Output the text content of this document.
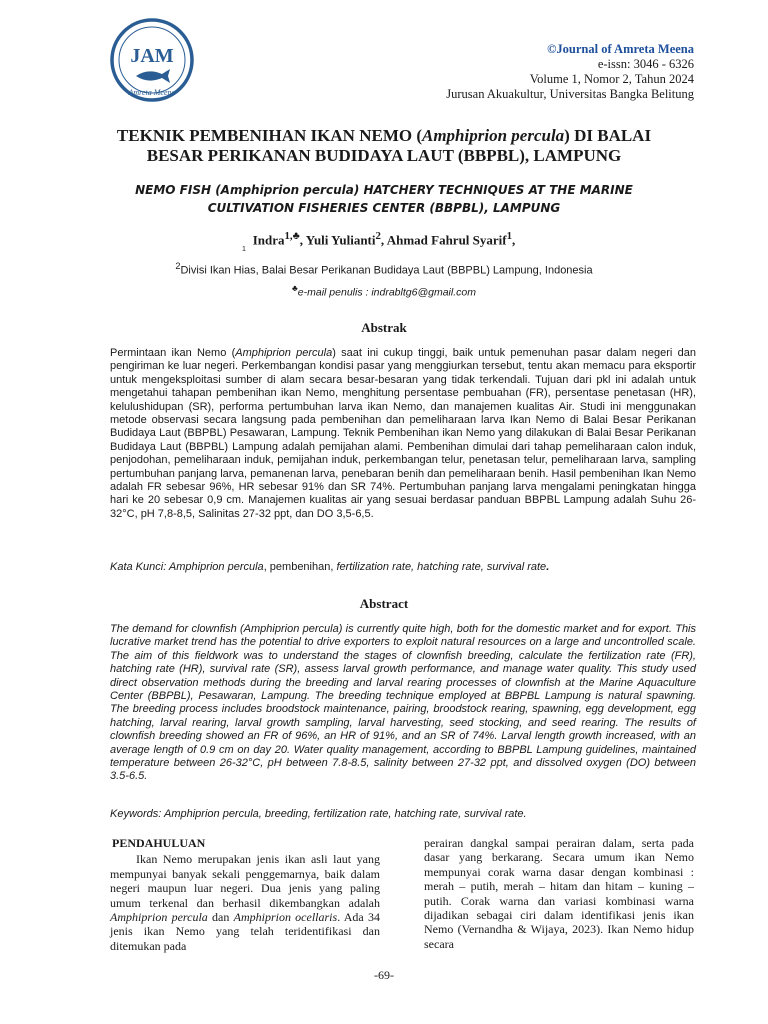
JAM
Amreta Meena
©Journal of Amreta Meena
e-issn: 3046 - 6326
Volume 1, Nomor 2, Tahun 2024
Jurusan Akuakultur, Universitas Bangka Belitung
TEKNIK PEMBENIHAN IKAN NEMO (Amphiprion percula) DI BALAI
BESAR PERIKANAN BUDIDAYA LAUT (BBPBL), LAMPUNG
NEMO FISH (Amphiprion percula) HATCHERY TECHNIQUES AT THE MARINE
CULTIVATION FISHERIES CENTER (BBPBL), LAMPUNG
Indra$^{1,♣}$, Yuli Yulianti$^2$, Ahmad Fahrul Syarif$^1$,
1
$^2$Divisi Ikan Hias, Balai Besar Perikanan Budidaya Laut (BBPBL) Lampung, Indonesia
♣e-mail penulis : indrabltg6@gmail.com
Abstrak

Permintaan ikan Nemo (Amphiprion percula) saat ini cukup tinggi, baik untuk pemenuhan pasar dalam negeri dan pengiriman ke luar negeri. Perkembangan kondisi pasar yang menggiurkan tersebut, tentu akan memacu para eksportir untuk mengeksploitasi sumber di alam secara besar-besaran yang tidak terkendali. Tujuan dari pkl ini adalah untuk mengetahui tahapan pembenihan ikan Nemo, menghitung persentase pembuahan (FR), persentase penetasan (HR), kelulushidupan (SR), performa pertumbuhan larva ikan Nemo, dan manajemen kualitas Air. Studi ini menggunakan metode observasi secara langsung pada pembenihan dan pemeliharaan larva Ikan Nemo di Balai Besar Perikanan Budidaya Laut (BBPBL) Pesawaran, Lampung. Teknik Pembenihan ikan Nemo yang dilakukan di Balai Besar Perikanan Budidaya Laut (BBPBL) Lampung adalah pemijahan alami. Pembenihan dimulai dari tahap pemeliharaan calon induk, penjodohan, pemeliharaan induk, pemijahan induk, perkembangan telur, penetasan telur, pemeliharaan larva, sampling pertumbuhan panjang larva, pemanenan larva, penebaran benih dan pemeliharaan benih. Hasil pembenihan Ikan Nemo adalah FR sebesar 96%, HR sebesar 91% dan SR 74%. Pertumbuhan panjang larva mengalami peningkatan hingga hari ke 20 sebesar 0,9 cm. Manajemen kualitas air yang sesuai berdasar panduan BBPBL Lampung adalah Suhu 26-32°C, pH 7,8-8,5, Salinitas 27-32 ppt, dan DO 3,5-6,5.

Kata Kunci: Amphiprion percula, pembenihan, fertilization rate, hatching rate, survival rate.

Abstract

The demand for clownfish (Amphiprion percula) is currently quite high, both for the domestic market and for export. This lucrative market trend has the potential to drive exporters to exploit natural resources on a large and uncontrolled scale. The aim of this fieldwork was to understand the stages of clownfish breeding, calculate the fertilization rate (FR), hatching rate (HR), survival rate (SR), assess larval growth performance, and manage water quality. This study used direct observation methods during the breeding and larval rearing processes of clownfish at the Marine Aquaculture Center (BBPBL), Pesawaran, Lampung. The breeding technique employed at BBPBL Lampung is natural spawning. The breeding process includes broodstock maintenance, pairing, broodstock rearing, spawning, egg development, egg hatching, larval rearing, larval growth sampling, larval harvesting, seed stocking, and seed rearing. The results of clownfish breeding showed an FR of 96%, an HR of 91%, and an SR of 74%. Larval length growth increased, with an average length of 0.9 cm on day 20. Water quality management, according to BBPBL Lampung guidelines, maintained temperature between 26-32°C, pH between 7.8-8.5, salinity between 27-32 ppt, and dissolved oxygen (DO) between 3.5-6.5.

Keywords: Amphiprion percula, breeding, fertilization rate, hatching rate, survival rate.

PENDAHULUAN

Ikan Nemo merupakan jenis ikan asli laut yang mempunyai banyak sekali penggemarnya, baik dalam negeri maupun luar negeri. Dua jenis yang paling umum terkenal dan berhasil dikembangkan adalah Amphiprion percula dan Amphiprion ocellaris. Ada 34 jenis ikan Nemo yang telah teridentifikasi dan ditemukan pada

perairan dangkal sampai perairan dalam, serta pada dasar yang berkarang. Secara umum ikan Nemo mempunyai corak warna dasar dengan kombinasi : merah – putih, merah – hitam dan hitam – kuning – putih. Corak warna dan variasi kombinasi warna dijadikan sebagai ciri dalam identifikasi jenis ikan Nemo (Vernandha & Wijaya, 2023). Ikan Nemo hidup secara

-69-
